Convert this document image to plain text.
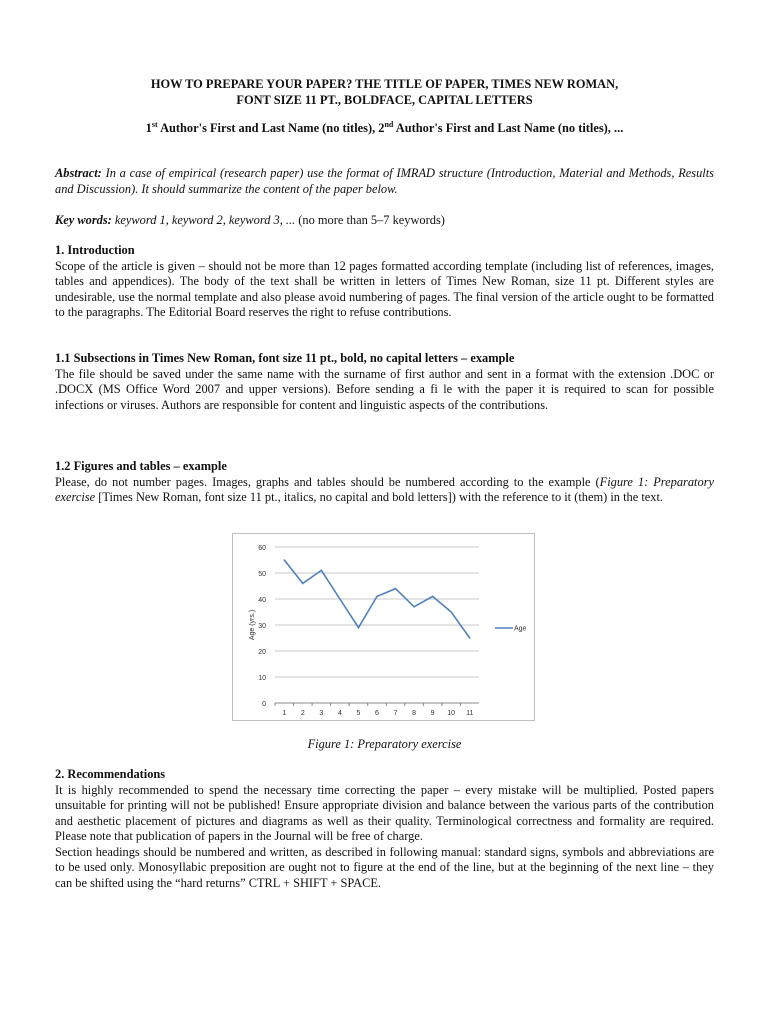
HOW TO PREPARE YOUR PAPER? THE TITLE OF PAPER, TIMES NEW ROMAN,
FONT SIZE 11 PT., BOLDFACE, CAPITAL LETTERS
1st Author's First and Last Name (no titles), 2nd Author's First and Last Name (no titles), ...
Abstract: In a case of empirical (research paper) use the format of IMRAD structure (Introduction, Material and Methods, Results and Discussion). It should summarize the content of the paper below.
Key words: keyword 1, keyword 2, keyword 3, ... (no more than 5–7 keywords)
1. Introduction
Scope of the article is given – should not be more than 12 pages formatted according template (including list of references, images, tables and appendices). The body of the text shall be written in letters of Times New Roman, size 11 pt. Different styles are undesirable, use the normal template and also please avoid numbering of pages. The final version of the article ought to be formatted to the paragraphs. The Editorial Board reserves the right to refuse contributions.
1.1 Subsections in Times New Roman, font size 11 pt., bold, no capital letters – example
The file should be saved under the same name with the surname of first author and sent in a format with the extension .DOC or .DOCX (MS Office Word 2007 and upper versions). Before sending a fi le with the paper it is required to scan for possible infections or viruses. Authors are responsible for content and linguistic aspects of the contributions.
1.2 Figures and tables – example
Please, do not number pages. Images, graphs and tables should be numbered according to the example (Figure 1: Preparatory exercise [Times New Roman, font size 11 pt., italics, no capital and bold letters]) with the reference to it (them) in the text.
Figure 1: Preparatory exercise
2. Recommendations
It is highly recommended to spend the necessary time correcting the paper – every mistake will be multiplied. Posted papers unsuitable for printing will not be published! Ensure appropriate division and balance between the various parts of the contribution and aesthetic placement of pictures and diagrams as well as their quality. Terminological correctness and formality are required. Please note that publication of papers in the Journal will be free of charge.
Section headings should be numbered and written, as described in following manual: standard signs, symbols and abbreviations are to be used only. Monosyllabic preposition are ought not to figure at the end of the line, but at the beginning of the next line – they can be shifted using the “hard returns” CTRL + SHIFT + SPACE.
0
10
20
30
40
50
60
1 2 3 4 5 6 7 8 9 10 11
Age (yrs.)	Age
